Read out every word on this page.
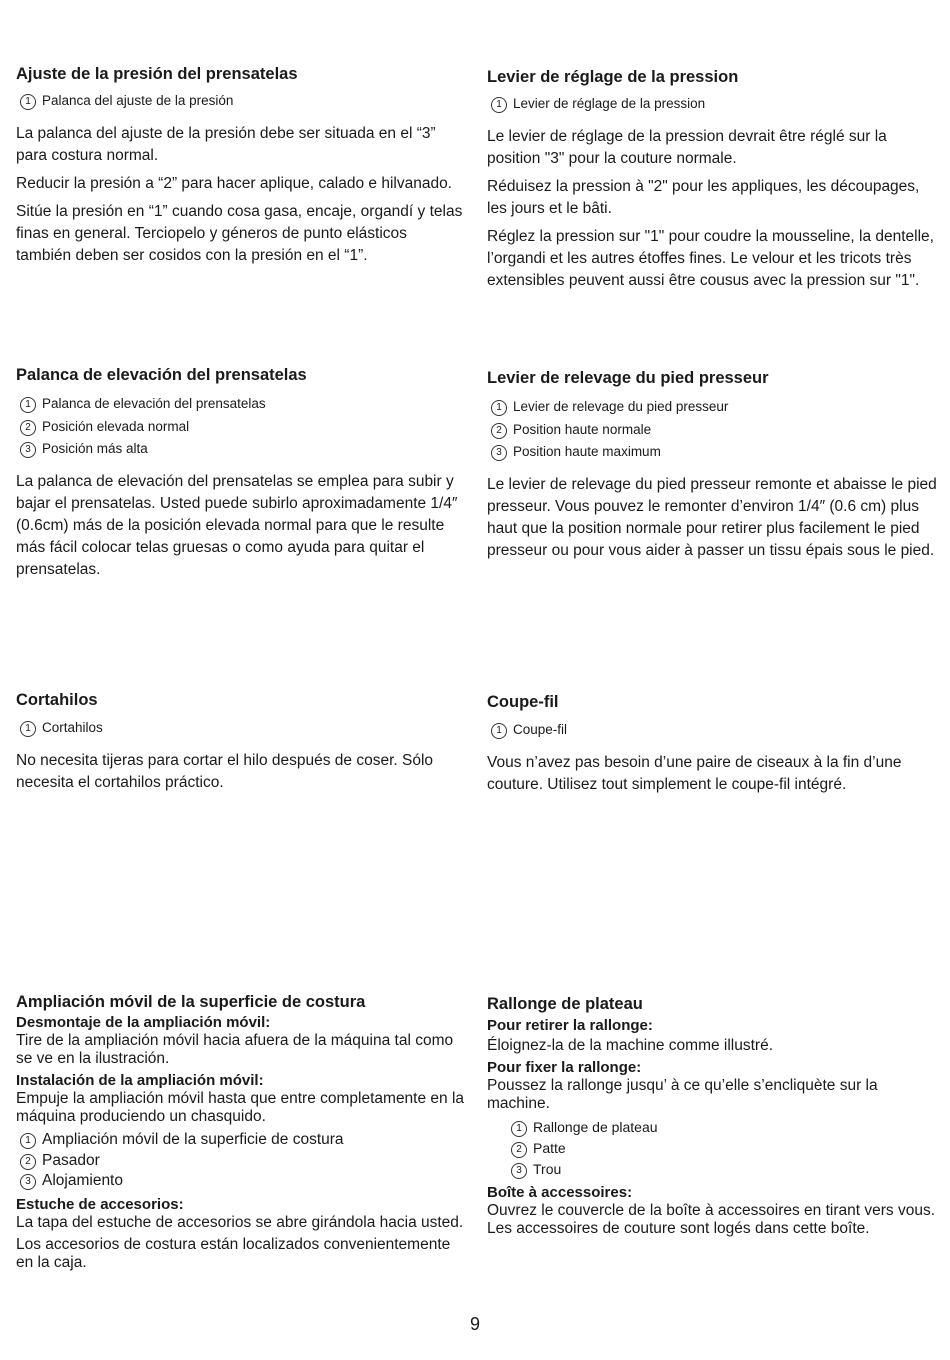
Ajuste de la presión del prensatelas
1 Palanca del ajuste de la presión

La palanca del ajuste de la presión debe ser situada en el “3” para costura normal.

Reducir la presión a “2” para hacer aplique, calado e hilvanado.

Sitúe la presión en “1” cuando cosa gasa, encaje, organdí y telas finas en general. Terciopelo y géneros de punto elásticos también deben ser cosidos con la presión en el “1”.

Palanca de elevación del prensatelas
1 Palanca de elevación del prensatelas
2 Posición elevada normal
3 Posición más alta

La palanca de elevación del prensatelas se emplea para subir y bajar el prensatelas. Usted puede subirlo aproximadamente 1/4″ (0.6cm) más de la posición elevada normal para que le resulte más fácil colocar telas gruesas o como ayuda para quitar el prensatelas.

Cortahilos
1 Cortahilos

No necesita tijeras para cortar el hilo después de coser. Sólo necesita el cortahilos práctico.

Ampliación móvil de la superficie de costura
Desmontaje de la ampliación móvil:

Tire de la ampliación móvil hacia afuera de la máquina tal como se ve en la ilustración.

Instalación de la ampliación móvil:

Empuje la ampliación móvil hasta que entre completamente en la máquina produciendo un chasquido.

1 Ampliación móvil de la superficie de costura
2 Pasador
3 Alojamiento
Estuche de accesorios:

La tapa del estuche de accesorios se abre girándola hacia usted.

Los accesorios de costura están localizados convenientemente en la caja.

Levier de réglage de la pression
1 Levier de réglage de la pression

Le levier de réglage de la pression devrait être réglé sur la position "3" pour la couture normale.

Réduisez la pression à "2" pour les appliques, les découpages, les jours et le bâti.

Réglez la pression sur "1" pour coudre la mousseline, la dentelle, l’organdi et les autres étoffes fines. Le velour et les tricots très extensibles peuvent aussi être cousus avec la pression sur "1".

Levier de relevage du pied presseur
1 Levier de relevage du pied presseur
2 Position haute normale
3 Position haute maximum

Le levier de relevage du pied presseur remonte et abaisse le pied presseur. Vous pouvez le remonter d’environ 1/4″ (0.6 cm) plus haut que la position normale pour retirer plus facilement le pied presseur ou pour vous aider à passer un tissu épais sous le pied.

Coupe-fil
1 Coupe-fil

Vous n’avez pas besoin d’une paire de ciseaux à la fin d’une couture. Utilisez tout simplement le coupe-fil intégré.

Rallonge de plateau
Pour retirer la rallonge:

Éloignez-la de la machine comme illustré.

Pour fixer la rallonge:

Poussez la rallonge jusqu’ à ce qu’elle s’encliquète sur la machine.

1 Rallonge de plateau
2 Patte
3 Trou
Boîte à accessoires:

Ouvrez le couvercle de la boîte à accessoires en tirant vers vous. Les accessoires de couture sont logés dans cette boîte.

9
